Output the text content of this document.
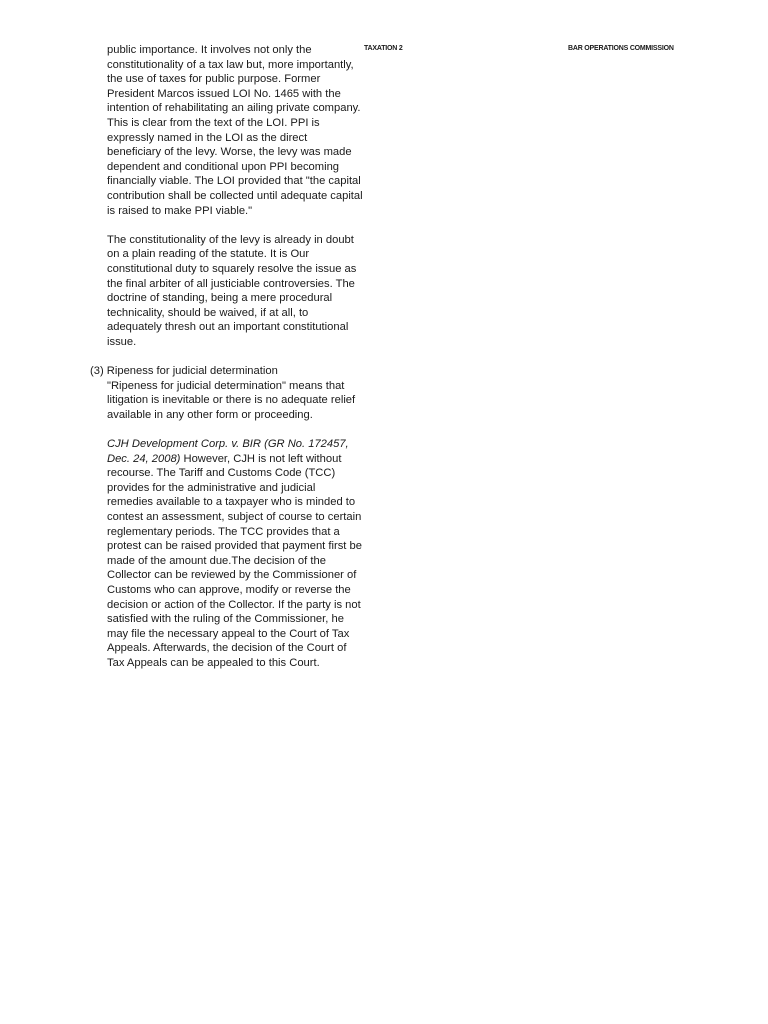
TAXATION 2	BAR OPERATIONS COMMISSION

public importance. It involves not only the constitutionality of a tax law but, more importantly, the use of taxes for public purpose. Former President Marcos issued LOI No. 1465 with the intention of rehabilitating an ailing private company. This is clear from the text of the LOI. PPI is expressly named in the LOI as the direct beneficiary of the levy. Worse, the levy was made dependent and conditional upon PPI becoming financially viable. The LOI provided that "the capital contribution shall be collected until adequate capital is raised to make PPI viable."

The constitutionality of the levy is already in doubt on a plain reading of the statute. It is Our constitutional duty to squarely resolve the issue as the final arbiter of all justiciable controversies. The doctrine of standing, being a mere procedural technicality, should be waived, if at all, to adequately thresh out an important constitutional issue.

(3) Ripeness for judicial determination

"Ripeness for judicial determination" means that litigation is inevitable or there is no adequate relief available in any other form or proceeding.

CJH Development Corp. v. BIR (GR No. 172457, Dec. 24, 2008) However, CJH is not left without recourse. The Tariff and Customs Code (TCC) provides for the administrative and judicial remedies available to a taxpayer who is minded to contest an assessment, subject of course to certain reglementary periods. The TCC provides that a protest can be raised provided that payment first be made of the amount due.The decision of the Collector can be reviewed by the Commissioner of Customs who can approve, modify or reverse the decision or action of the Collector. If the party is not satisfied with the ruling of the Commissioner, he may file the necessary appeal to the Court of Tax Appeals. Afterwards, the decision of the Court of Tax Appeals can be appealed to this Court.
